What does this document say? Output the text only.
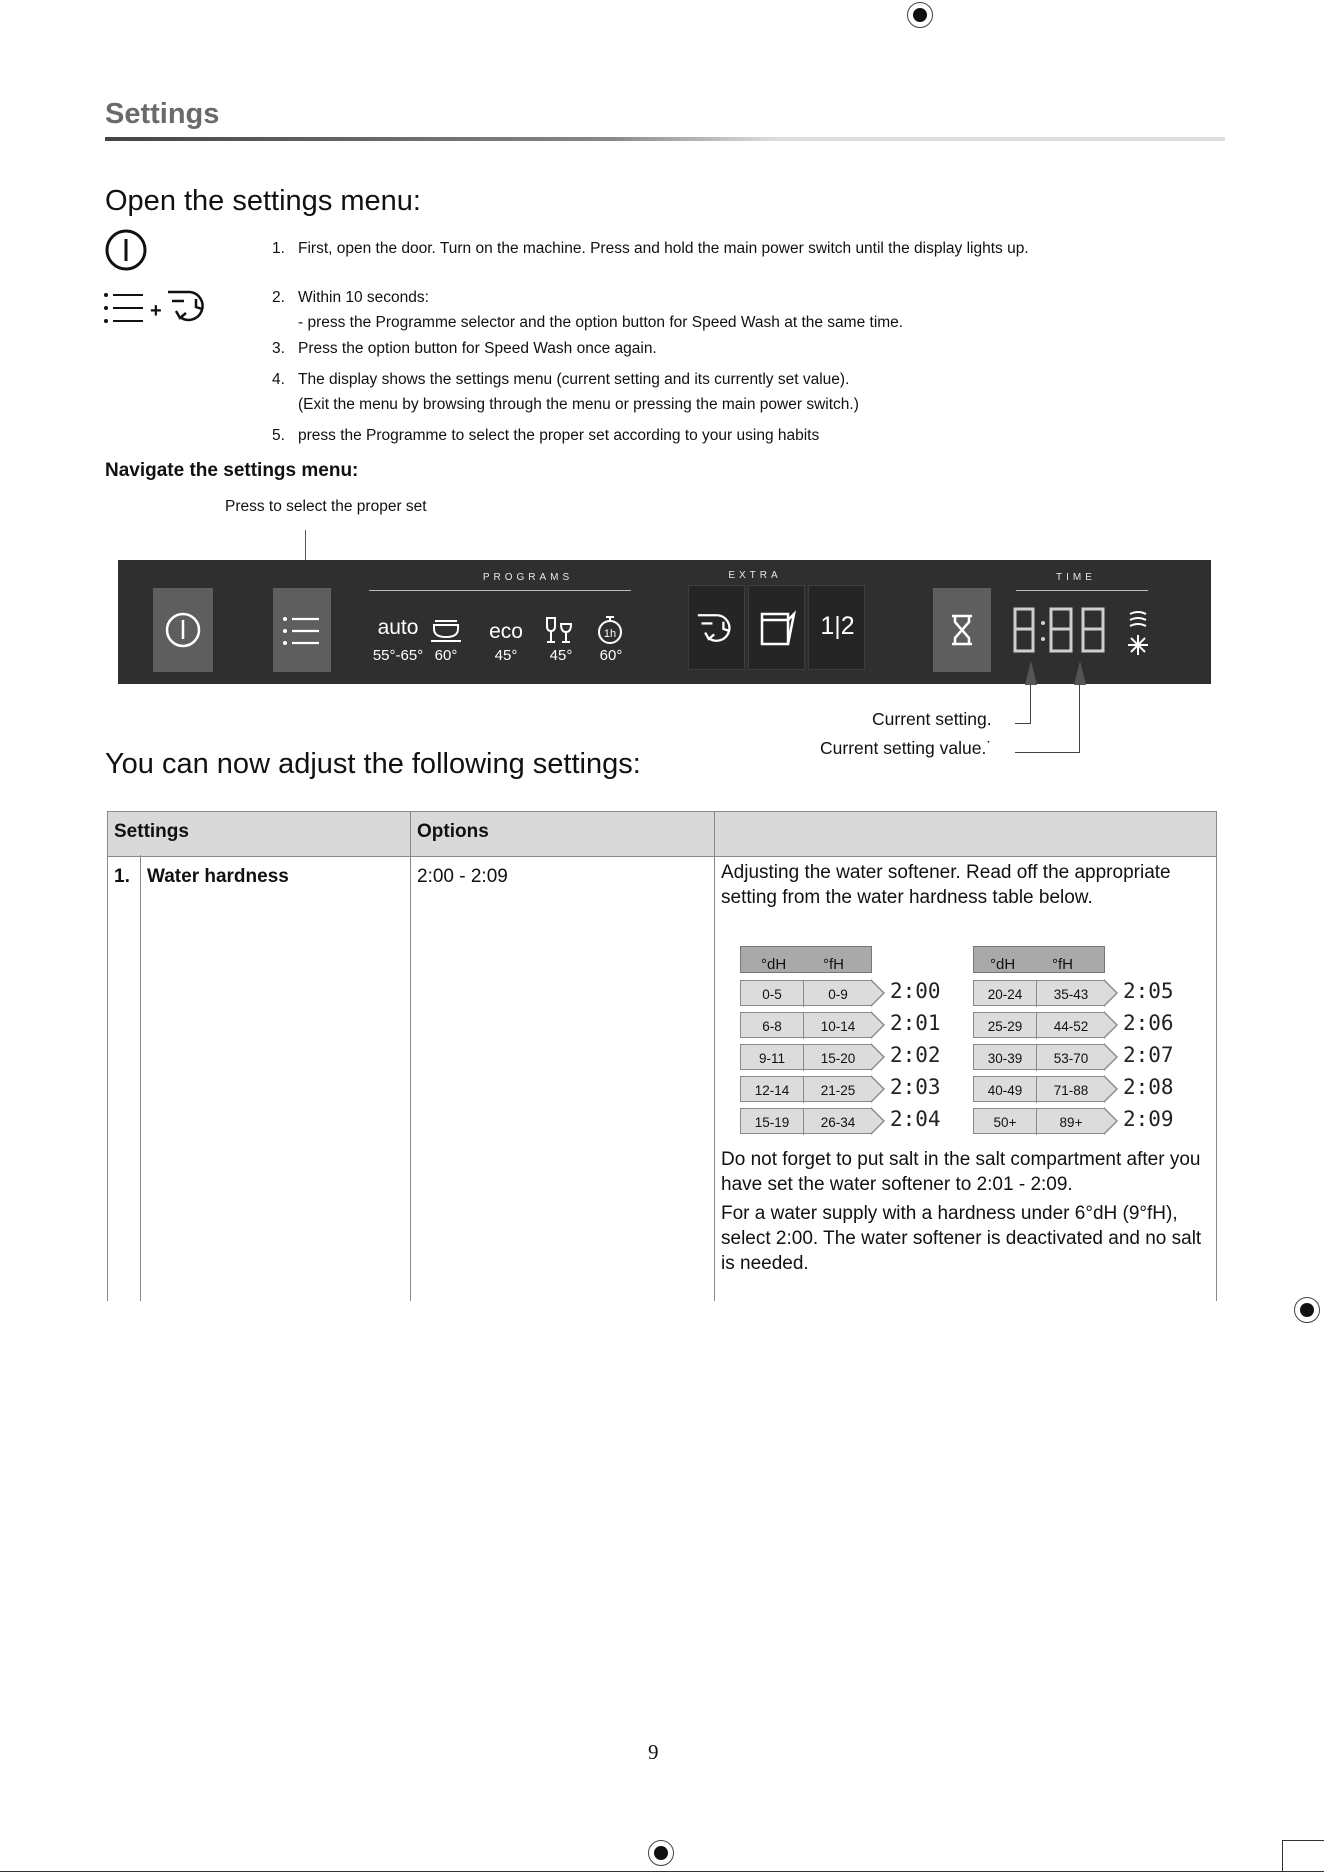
Settings
Open the settings menu:
+
1. First, open the door. Turn on the machine. Press and hold the main power switch until the display lights up.
2. Within 10 seconds:
- press the Programme selector and the option button for Speed Wash at the same time.
3. Press the option button for Speed Wash once again.
4. The display shows the settings menu (current setting and its currently set value).
(Exit the menu by browsing through the menu or pressing the main power switch.)
5. press the Programme to select the proper set according to your using habits
Navigate the settings menu:
Press to select the proper set
PROGRAMS
auto
55°-65° 60°
eco
45°	45°
1h
60°
EXTRA
1|2
TIME
Current setting.
Current setting value.˙
You can now adjust the following settings:
Settings	Options
1. Water hardness	2:00 - 2:09	Adjusting the water softener. Read off the appropriate setting from the water hardness table below.
°dH °fH
0-5	0-9	2:00
6-8	10-14	2:01
9-11	15-20	2:02
12-14	21-25	2:03
15-19	26-34	2:04
°dH °fH
20-24	35-43	2:05
25-29	44-52	2:06
30-39	53-70	2:07
40-49	71-88	2:08
50+	89+	2:09
Do not forget to put salt in the salt compartment after you have set the water softener to 2:01 - 2:09.
For a water supply with a hardness under 6°dH (9°fH), select 2:00. The water softener is deactivated and no salt is needed.
9
